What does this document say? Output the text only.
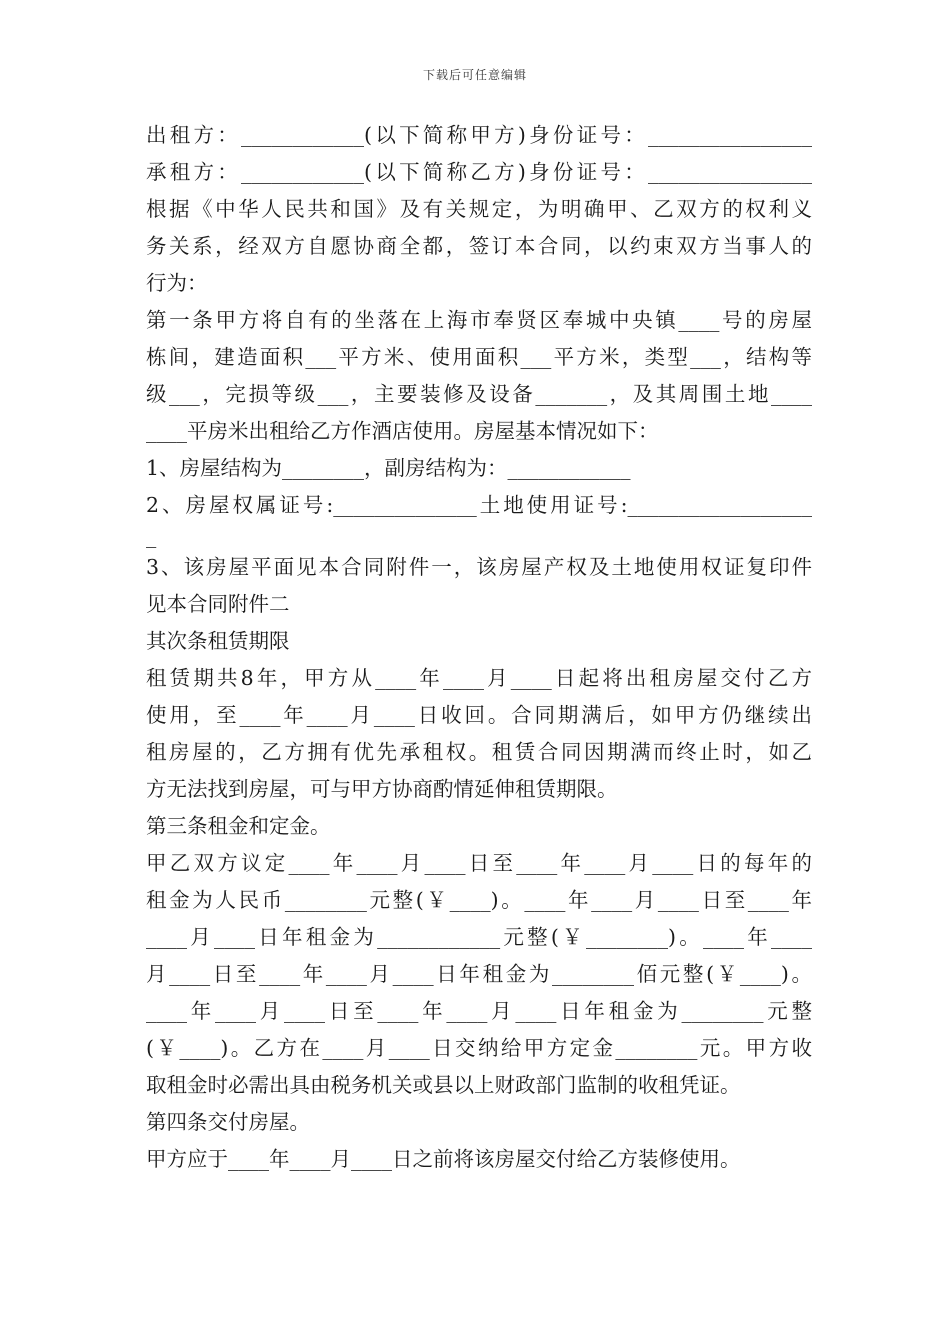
下载后可任意编辑
出租方：____________(以下简称甲方)身份证号：________________
承租方：____________(以下简称乙方)身份证号：________________
根据《中华人民共和国》及有关规定，为明确甲、乙双方的权利义
务关系，经双方自愿协商全都，签订本合同，以约束双方当事人的
行为：
第一条甲方将自有的坐落在上海市奉贤区奉城中央镇____号的房屋
栋间，建造面积___平方米、使用面积___平方米，类型___，结构等
级___，完损等级___，主要装修及设备_______，及其周围土地____
____平房米出租给乙方作酒店使用。房屋基本情况如下：
1、房屋结构为________，副房结构为：____________
2、房屋权属证号:______________土地使用证号:__________________
_
3、该房屋平面见本合同附件一，该房屋产权及土地使用权证复印件
见本合同附件二
其次条租赁期限
租赁期共8年，甲方从____年____月____日起将出租房屋交付乙方
使用，至____年____月____日收回。合同期满后，如甲方仍继续出
租房屋的，乙方拥有优先承租权。租赁合同因期满而终止时，如乙
方无法找到房屋，可与甲方协商酌情延伸租赁期限。
第三条租金和定金。
甲乙双方议定____年____月____日至____年____月____日的每年的
租金为人民币________元整(￥____)。____年____月____日至____年
____月____日年租金为____________元整(￥________)。____年____
月____日至____年____月____日年租金为________佰元整(￥____)。
____年____月____日至____年____月____日年租金为________元整
(￥____)。乙方在____月____日交纳给甲方定金________元。甲方收
取租金时必需出具由税务机关或县以上财政部门监制的收租凭证。
第四条交付房屋。
甲方应于____年____月____日之前将该房屋交付给乙方装修使用。
